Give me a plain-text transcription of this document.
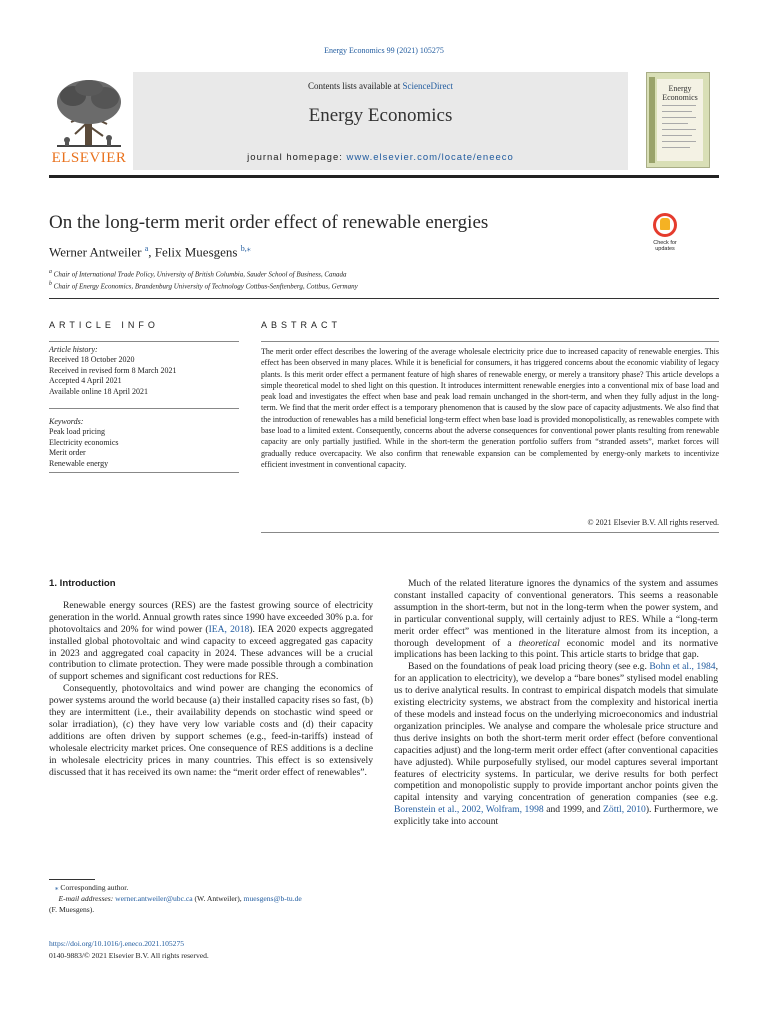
Energy Economics 99 (2021) 105275
ELSEVIER
Contents lists available at ScienceDirect
Energy Economics
journal homepage: www.elsevier.com/locate/eneeco
Energy Economics
On the long-term merit order effect of renewable energies
Werner Antweiler $^a$, Felix Muesgens $^{b,⁎}$
$^a$ Chair of International Trade Policy, University of British Columbia, Sauder School of Business, Canada
$^b$ Chair of Energy Economics, Brandenburg University of Technology Cottbus-Senftenberg, Cottbus, Germany
Check for updates
ARTICLE INFO	ABSTRACT
Article history:
Received 18 October 2020
Received in revised form 8 March 2021
Accepted 4 April 2021
Available online 18 April 2021
Keywords:
Peak load pricing
Electricity economics
Merit order
Renewable energy
The merit order effect describes the lowering of the average wholesale electricity price due to increased capacity of renewable energies. This effect has been observed in many places. While it is beneficial for consumers, it has triggered concerns about the economic viability of legacy plants. Is this merit order effect a permanent feature of high shares of renewable energy, or merely a transitory phase? This article develops a simple theoretical model to shed light on this question. It introduces intermittent renewable energies into a conventional mix of base load and peak load and investigates the effect when base and peak load remain unchanged in the short-term, and when they fully adjust in the long-term. We find that the merit order effect is a temporary phenomenon that is caused by the slow pace of capacity adjustments. We also find that the introduction of renewables has a mild beneficial long-term effect when base load is provided monopolistically, as renewables compete with base load to a limited extent. Consequently, concerns about the adverse consequences for conventional power plants resulting from renewable capacity are only partially justified. While in the short-term the generation portfolio suffers from “stranded assets”, market forces will gradually reduce overcapacity. We also confirm that renewable expansion can be complemented by energy-only markets to incentivize efficient investment in conventional capacity.
© 2021 Elsevier B.V. All rights reserved.
1. Introduction

Renewable energy sources (RES) are the fastest growing source of electricity generation in the world. Annual growth rates since 1990 have exceeded 30% p.a. for photovoltaics and 20% for wind power (IEA, 2018). IEA 2020 expects aggregated installed global photovoltaic and wind capacity to exceed aggregated gas capacity in 2023 and aggregated coal capacity in 2024. These advances will be a crucial contribution to climate protection. They were made possible through a combination of support schemes and significant cost reductions for RES.

Consequently, photovoltaics and wind power are changing the economics of power systems around the world because (a) their installed capacity rises so fast, (b) they are intermittent (i.e., their availability depends on stochastic wind speed or solar irradiation), (c) they have very low variable costs and (d) their capacity additions are often driven by support schemes (e.g., feed-in-tariffs) instead of wholesale electricity market prices. One consequence of RES additions is a decline in wholesale electricity prices in many countries. This effect is so extensively discussed that it has received its own name: the “merit order effect of renewables”.

Much of the related literature ignores the dynamics of the system and assumes constant installed capacity of conventional generators. This seems a reasonable assumption in the short-term, but not in the long-term when the power system, and in particular conventional supply, will certainly adjust to RES. While a “long-term merit order effect” was mentioned in the literature almost from its inception, a thorough development of a theoretical economic model and its normative implications has been lacking to this point. This article starts to bridge that gap.

Based on the foundations of peak load pricing theory (see e.g. Bohn et al., 1984, for an application to electricity), we develop a “bare bones” stylised model enabling us to derive analytical results. In contrast to empirical dispatch models that simulate existing electricity systems, we abstract from the complexity and historical inertia of these models and instead focus on the underlying microeconomics and industrial organization principles. We analyse and compare the wholesale price structure and thus derive insights on both the short-term merit order effect (before conventional capacities adjust) and the long-term merit order effect (after conventional capacities have adjusted). While purposefully stylised, our model captures several important features of electricity systems. In particular, we derive results for both perfect competition and monopolistic supply to provide important anchor points given the capital intensity and varying concentration of generation companies (see e.g. Borenstein et al., 2002, Wolfram, 1998 and 1999, and Zöttl, 2010). Furthermore, we explicitly take into account

⁎ Corresponding author.
E-mail addresses: werner.antweiler@ubc.ca (W. Antweiler), muesgens@b-tu.de
(F. Muesgens).
https://doi.org/10.1016/j.eneco.2021.105275
0140-9883/© 2021 Elsevier B.V. All rights reserved.
